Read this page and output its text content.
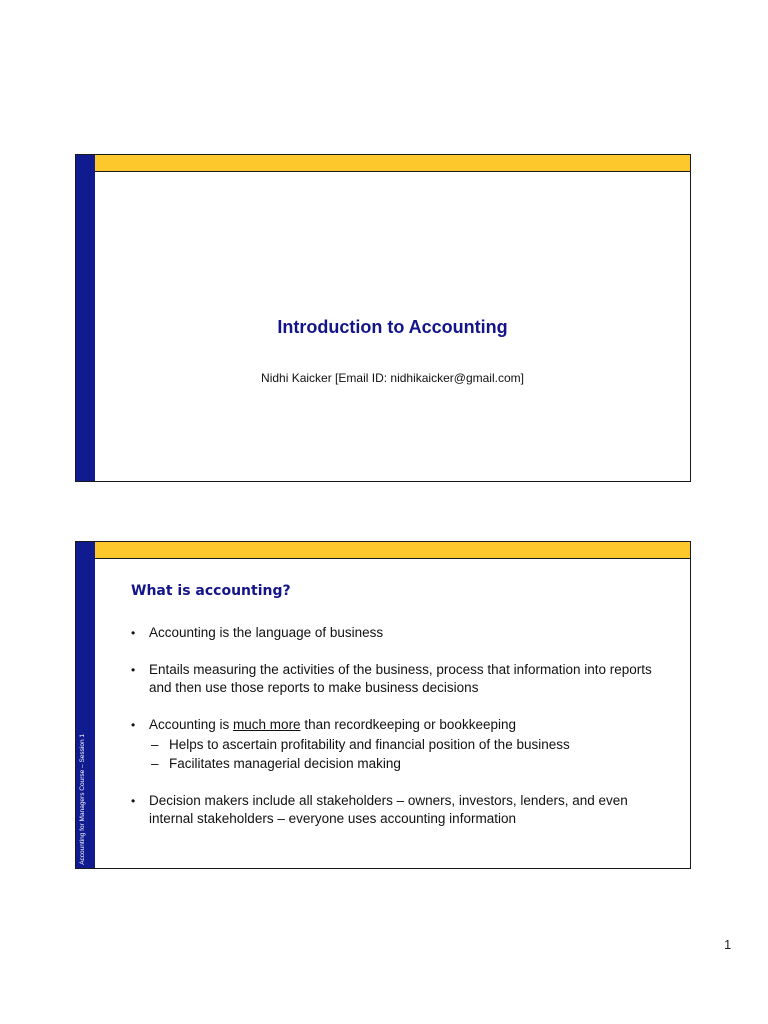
Introduction to Accounting
Nidhi Kaicker [Email ID: nidhikaicker@gmail.com]
Accounting for Managers Course – Session 1
What is accounting?
• Accounting is the language of business
• Entails measuring the activities of the business, process that information into reports and then use those reports to make business decisions
• Accounting is much more than recordkeeping or bookkeeping
– Helps to ascertain profitability and financial position of the business
– Facilitates managerial decision making
• Decision makers include all stakeholders – owners, investors, lenders, and even internal stakeholders – everyone uses accounting information
1
